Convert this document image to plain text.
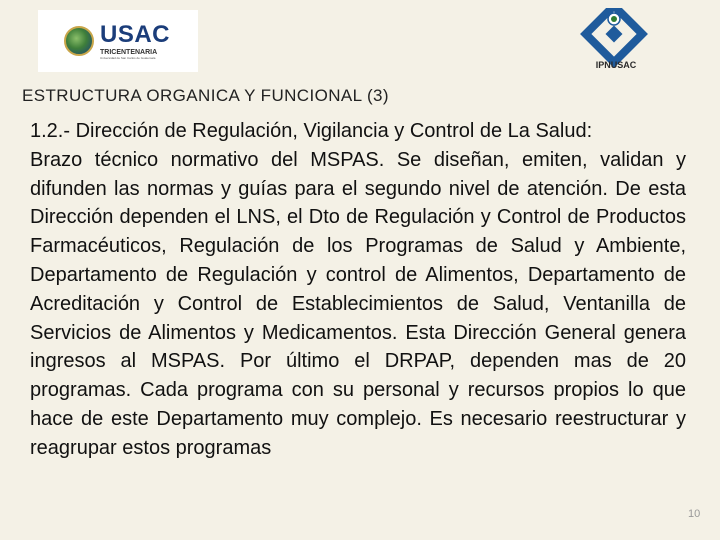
USAC
TRICENTENARIA
Universidad de San Carlos de Guatemala
IPNUSAC
ESTRUCTURA ORGANICA Y FUNCIONAL (3)

1.2.- Dirección de Regulación, Vigilancia y Control de La Salud:
Brazo técnico normativo del MSPAS. Se diseñan, emiten, validan y difunden las normas y guías para el segundo nivel de atención. De esta Dirección dependen el LNS, el Dto de Regulación y Control de Productos Farmacéuticos, Regulación de los Programas de Salud y Ambiente, Departamento de Regulación y control de Alimentos, Departamento de Acreditación y Control de Establecimientos de Salud, Ventanilla de Servicios de Alimentos y Medicamentos. Esta Dirección General genera ingresos al MSPAS. Por último el DRPAP, dependen mas de 20 programas. Cada programa con su personal y recursos propios lo que hace de este Departamento muy complejo. Es necesario reestructurar y reagrupar estos programas

10
